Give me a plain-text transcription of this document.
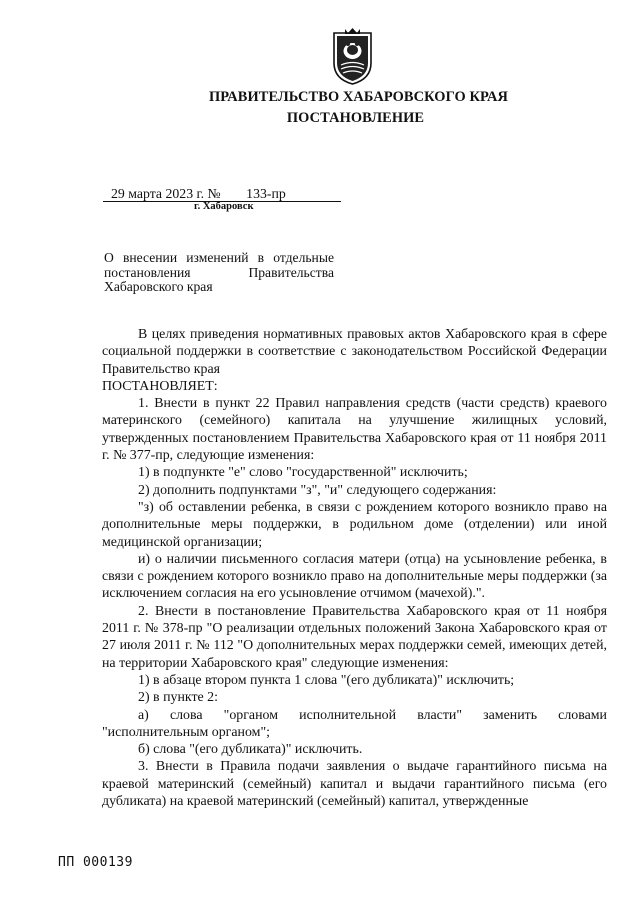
ПРАВИТЕЛЬСТВО ХАБАРОВСКОГО КРАЯ
ПОСТАНОВЛЕНИЕ
29 марта 2023 г. № 133-пр
г. Хабаровск
О внесении изменений в отдельные
постановления Правительства
Хабаровского края

В целях приведения нормативных правовых актов Хабаровского края в сфере социальной поддержки в соответствие с законодательством Российской Федерации Правительство края

ПОСТАНОВЛЯЕТ:

1. Внести в пункт 22 Правил направления средств (части средств) краевого материнского (семейного) капитала на улучшение жилищных условий, утвержденных постановлением Правительства Хабаровского края от 11 ноября 2011 г. № 377-пр, следующие изменения:

1) в подпункте "е" слово "государственной" исключить;

2) дополнить подпунктами "з", "и" следующего содержания:

"з) об оставлении ребенка, в связи с рождением которого возникло право на дополнительные меры поддержки, в родильном доме (отделении) или иной медицинской организации;

и) о наличии письменного согласия матери (отца) на усыновление ребенка, в связи с рождением которого возникло право на дополнительные меры поддержки (за исключением согласия на его усыновление отчимом (мачехой).".

2. Внести в постановление Правительства Хабаровского края от 11 ноября 2011 г. № 378-пр "О реализации отдельных положений Закона Хабаровского края от 27 июля 2011 г. № 112 "О дополнительных мерах поддержки семей, имеющих детей, на территории Хабаровского края" следующие изменения:

1) в абзаце втором пункта 1 слова "(его дубликата)" исключить;

2) в пункте 2:

а) слова "органом исполнительной власти" заменить словами "исполнительным органом";

б) слова "(его дубликата)" исключить.

3. Внести в Правила подачи заявления о выдаче гарантийного письма на краевой материнский (семейный) капитал и выдачи гарантийного письма (его дубликата) на краевой материнский (семейный) капитал, утвержденные

ПП 000139
